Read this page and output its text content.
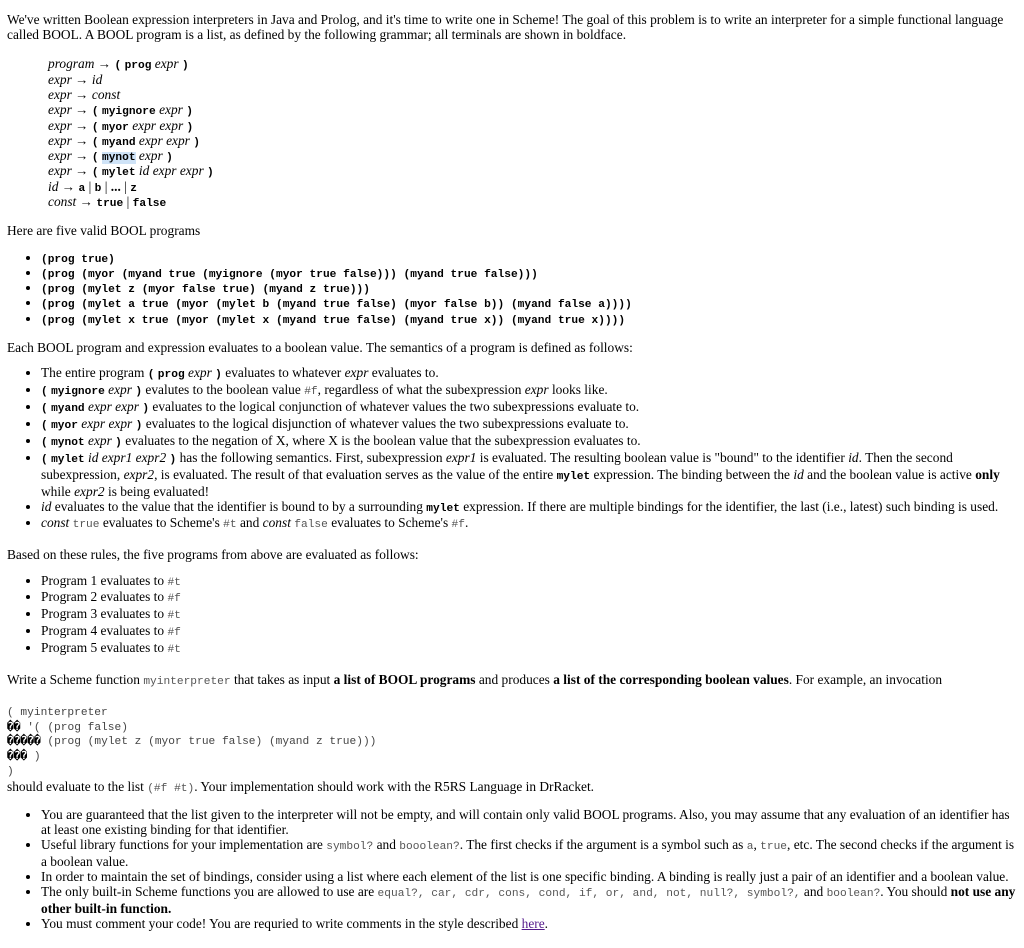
We've written Boolean expression interpreters in Java and Prolog, and it's time to write one in Scheme! The goal of this problem is to write an interpreter for a simple functional language called BOOL. A BOOL program is a list, as defined by the following grammar; all terminals are shown in boldface.

program → ( prog expr )
expr → id
expr → const
expr → ( myignore expr )
expr → ( myor expr expr )
expr → ( myand expr expr )
expr → ( mynot expr )
expr → ( mylet id expr expr )
id → a | b | ... | z
const → true | false

Here are five valid BOOL programs

• (prog true)
• (prog (myor (myand true (myignore (myor true false))) (myand true false)))
• (prog (mylet z (myor false true) (myand z true)))
• (prog (mylet a true (myor (mylet b (myand true false) (myor false b)) (myand false a))))
• (prog (mylet x true (myor (mylet x (myand true false) (myand true x)) (myand true x))))

Each BOOL program and expression evaluates to a boolean value. The semantics of a program is defined as follows:

• The entire program ( prog expr ) evaluates to whatever expr evaluates to.
• ( myignore expr ) evalutes to the boolean value #f, regardless of what the subexpression expr looks like.
• ( myand expr expr ) evaluates to the logical conjunction of whatever values the two subexpressions evaluate to.
• ( myor expr expr ) evaluates to the logical disjunction of whatever values the two subexpressions evaluate to.
• ( mynot expr ) evaluates to the negation of X, where X is the boolean value that the subexpression evaluates to.
• ( mylet id expr1 expr2 ) has the following semantics. First, subexpression expr1 is evaluated. The resulting boolean value is "bound" to the identifier id. Then the second subexpression, expr2, is evaluated. The result of that evaluation serves as the value of the entire mylet expression. The binding between the id and the boolean value is active only while expr2 is being evaluated!
• id evaluates to the value that the identifier is bound to by a surrounding mylet expression. If there are multiple bindings for the identifier, the last (i.e., latest) such binding is used.
• const true evaluates to Scheme's #t and const false evaluates to Scheme's #f.

Based on these rules, the five programs from above are evaluated as follows:

• Program 1 evaluates to #t
• Program 2 evaluates to #f
• Program 3 evaluates to #t
• Program 4 evaluates to #f
• Program 5 evaluates to #t

Write a Scheme function myinterpreter that takes as input a list of BOOL programs and produces a list of the corresponding boolean values. For example, an invocation

( myinterpreter
�� '( (prog false)
����� (prog (mylet z (myor true false) (myand z true)))
��� )
)

should evaluate to the list (#f #t). Your implementation should work with the R5RS Language in DrRacket.

• You are guaranteed that the list given to the interpreter will not be empty, and will contain only valid BOOL programs. Also, you may assume that any evaluation of an identifier has at least one existing binding for that identifier.
• Useful library functions for your implementation are symbol? and booolean?. The first checks if the argument is a symbol such as a, true, etc. The second checks if the argument is a boolean value.
• In order to maintain the set of bindings, consider using a list where each element of the list is one specific binding. A binding is really just a pair of an identifier and a boolean value.
• The only built-in Scheme functions you are allowed to use are equal?, car, cdr, cons, cond, if, or, and, not, null?, symbol?, and boolean?. You should not use any other built-in function.
• You must comment your code! You are requried to write comments in the style described here.
